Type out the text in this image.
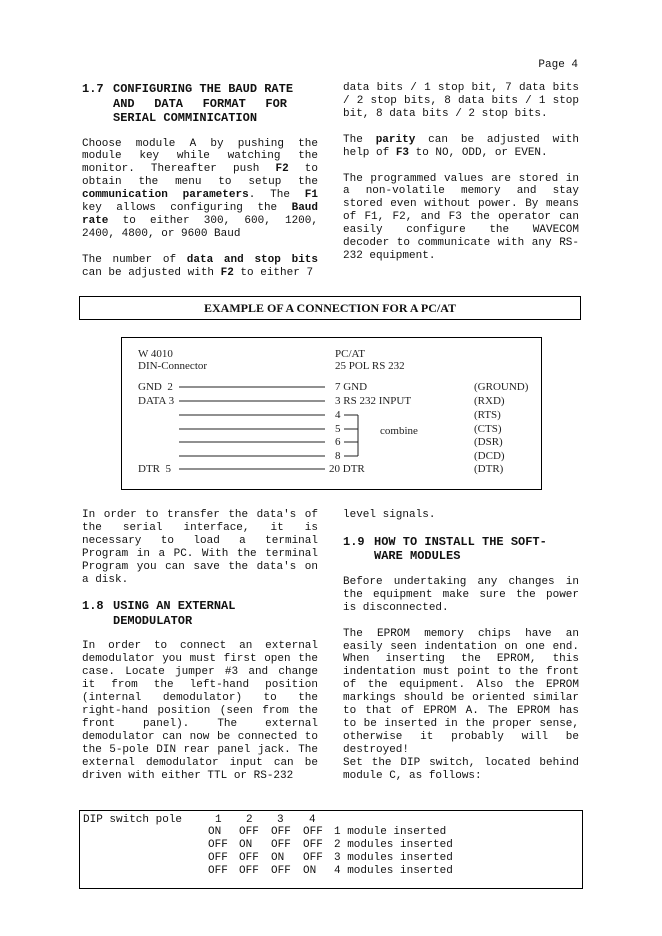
Page 4
1.7 CONFIGURING THE BAUD RATE
AND DATA FORMAT FOR
SERIAL COMMINICATION

Choose module A by pushing the module key while watching the monitor. Thereafter push F2 to obtain the menu to setup the communication parameters. The F1 key allows configuring the Baud rate to either 300, 600, 1200, 2400, 4800, or 9600 Baud

The number of data and stop bits can be adjusted with F2 to either 7

data bits / 1 stop bit, 7 data bits / 2 stop bits, 8 data bits / 1 stop bit, 8 data bits / 2 stop bits.

The parity can be adjusted with help of F3 to NO, ODD, or EVEN.

The programmed values are stored in a non-volatile memory and stay stored even without power. By means of F1, F2, and F3 the operator can easily configure the WAVECOM decoder to communicate with any RS-232 equipment.

EXAMPLE OF A CONNECTION FOR A PC/AT
W 4010
DIN-Connector
PC/AT
25 POL RS 232
GND  2
DATA 3
DTR  5
7 GND
3 RS 232 INPUT
4
5
6
8
20 DTR
combine
(GROUND)
(RXD)
(RTS)
(CTS)
(DSR)
(DCD)
(DTR)

In order to transfer the data's of the serial interface, it is necessary to load a terminal Program in a PC. With the terminal Program you can save the data's on a disk.

1.8 USING AN EXTERNAL
DEMODULATOR

In order to connect an external demodulator you must first open the case. Locate jumper #3 and change it from the left-hand position (internal demodulator) to the right-hand position (seen from the front panel). The external demodulator can now be connected to the 5-pole DIN rear panel jack. The external demodulator input can be driven with either TTL or RS-232

level signals.

1.9 HOW TO INSTALL THE SOFT-
WARE MODULES

Before undertaking any changes in the equipment make sure the power is disconnected.

The EPROM memory chips have an easily seen indentation on one end. When inserting the EPROM, this indentation must point to the front of the equipment. Also the EPROM markings should be oriented similar to that of EPROM A. The EPROM has to be inserted in the proper sense, otherwise it probably will be destroyed!

Set the DIP switch, located behind module C, as follows:

DIP switch pole	1 2 3 4
ON OFF OFF OFF 1 module inserted
OFF ON OFF OFF 2 modules inserted
OFF OFF ON OFF 3 modules inserted
OFF OFF OFF ON 4 modules inserted
